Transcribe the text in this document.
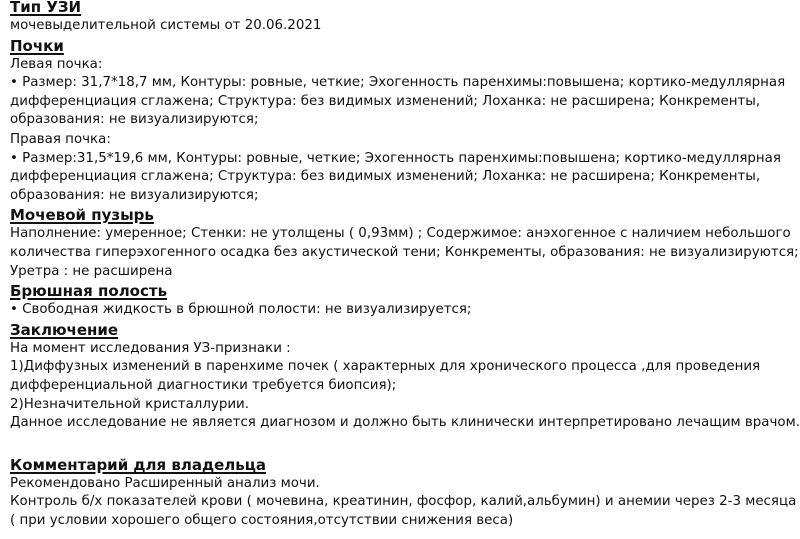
Тип УЗИ

мочевыделительной системы от 20.06.2021

Почки

Левая почка:

• Размер: 31,7*18,7 мм, Контуры: ровные, четкие; Эхогенность паренхимы:повышена; кортико-медуллярная дифференциация сглажена; Структура: без видимых изменений; Лоханка: не расширена; Конкременты, образования: не визуализируются;

Правая почка:

• Размер:31,5*19,6 мм, Контуры: ровные, четкие; Эхогенность паренхимы:повышена; кортико-медуллярная дифференциация сглажена; Структура: без видимых изменений; Лоханка: не расширена; Конкременты, образования: не визуализируются;

Мочевой пузырь

Наполнение: умеренное; Стенки: не утолщены ( 0,93мм) ; Содержимое: анэхогенное с наличием небольшого количества гиперэхогенного осадка без акустической тени; Конкременты, образования: не визуализируются; Уретра : не расширена

Брюшная полость

• Свободная жидкость в брюшной полости: не визуализируется;

Заключение

На момент исследования УЗ-признаки :

1)Диффузных изменений в паренхиме почек ( характерных для хронического процесса ,для проведения дифференциальной диагностики требуется биопсия);

2)Незначительной кристаллурии.

Данное исследование не является диагнозом и должно быть клинически интерпретировано лечащим врачом.

Комментарий для владельца

Рекомендовано Расширенный анализ мочи.

Контроль б/х показателей крови ( мочевина, креатинин, фосфор, калий,альбумин) и анемии через 2-3 месяца ( при условии хорошего общего состояния,отсутствии снижения веса)
